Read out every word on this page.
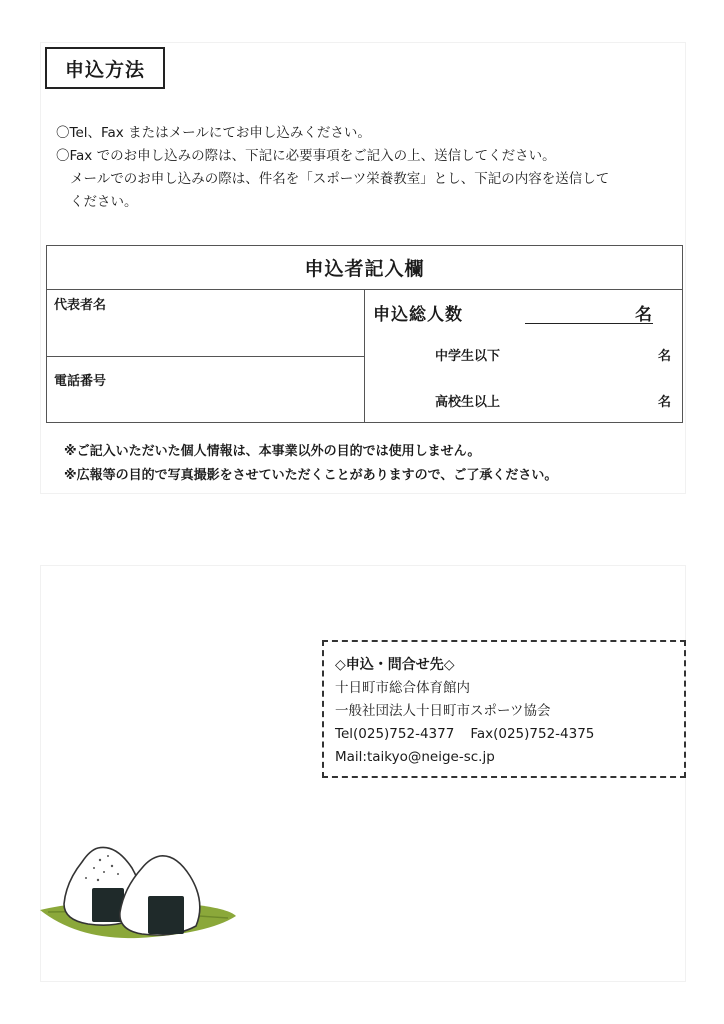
申込方法

〇Tel、Fax またはメールにてお申し込みください。

〇Fax でのお申し込みの際は、下記に必要事項をご記入の上、送信してください。

メールでのお申し込みの際は、件名を「スポーツ栄養教室」とし、下記の内容を送信して

ください。

申込者記入欄
代表者名
電話番号
申込総人数	名
中学生以下	名
高校生以上	名

※ご記入いただいた個人情報は、本事業以外の目的では使用しません。

※広報等の目的で写真撮影をさせていただくことがありますので、ご了承ください。

◇申込・問合せ先◇

十日町市総合体育館内

一般社団法人十日町市スポーツ協会

Tel(025)752-4377 Fax(025)752-4375

Mail:taikyo@neige-sc.jp
